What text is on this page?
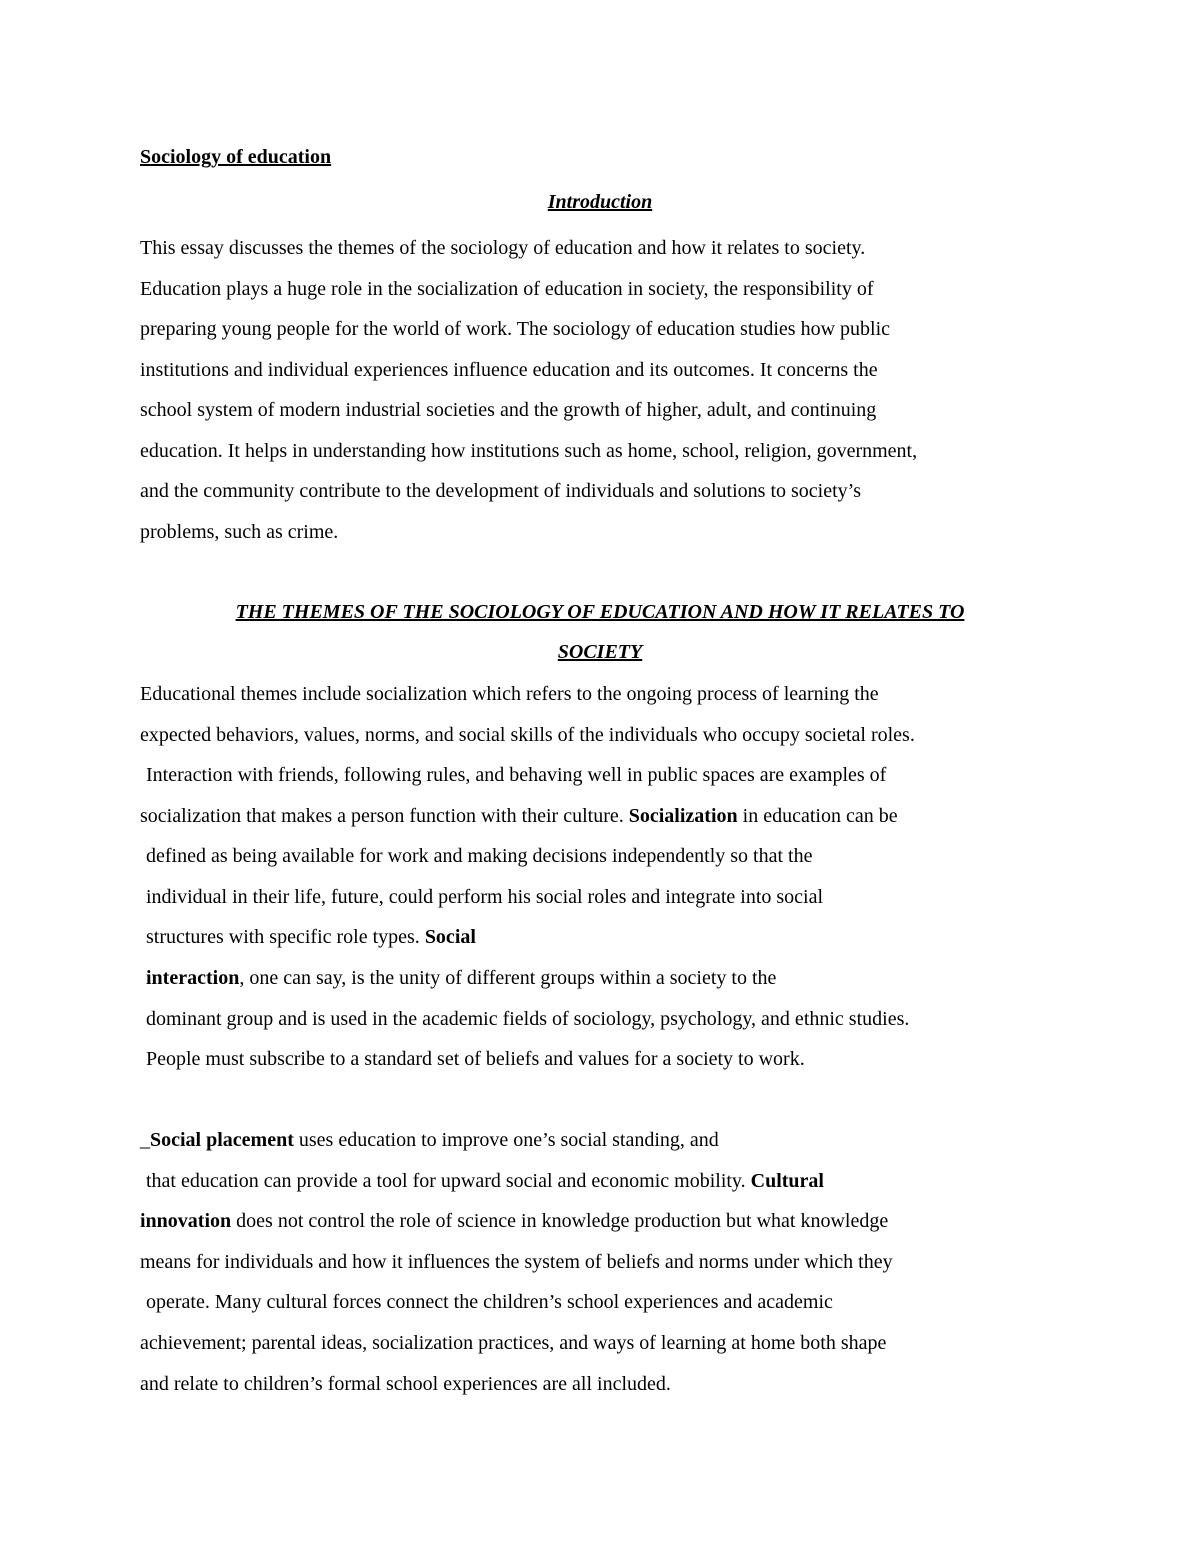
Sociology of education
Introduction
This essay discusses the themes of the sociology of education and how it relates to society.
Education plays a huge role in the socialization of education in society, the responsibility of
preparing young people for the world of work. The sociology of education studies how public
institutions and individual experiences influence education and its outcomes. It concerns the
school system of modern industrial societies and the growth of higher, adult, and continuing
education. It helps in understanding how institutions such as home, school, religion, government,
and the community contribute to the development of individuals and solutions to society’s
problems, such as crime.
THE THEMES OF THE SOCIOLOGY OF EDUCATION AND HOW IT RELATES TO
SOCIETY
Educational themes include socialization which refers to the ongoing process of learning the
expected behaviors, values, norms, and social skills of the individuals who occupy societal roles.
Interaction with friends, following rules, and behaving well in public spaces are examples of
socialization that makes a person function with their culture. Socialization in education can be
defined as being available for work and making decisions independently so that the
individual in their life, future, could perform his social roles and integrate into social
structures with specific role types. Social
interaction, one can say, is the unity of different groups within a society to the
dominant group and is used in the academic fields of sociology, psychology, and ethnic studies.
People must subscribe to a standard set of beliefs and values for a society to work.
_Social placement uses education to improve one’s social standing, and
that education can provide a tool for upward social and economic mobility. Cultural
innovation does not control the role of science in knowledge production but what knowledge
means for individuals and how it influences the system of beliefs and norms under which they
operate. Many cultural forces connect the children’s school experiences and academic
achievement; parental ideas, socialization practices, and ways of learning at home both shape
and relate to children’s formal school experiences are all included.
